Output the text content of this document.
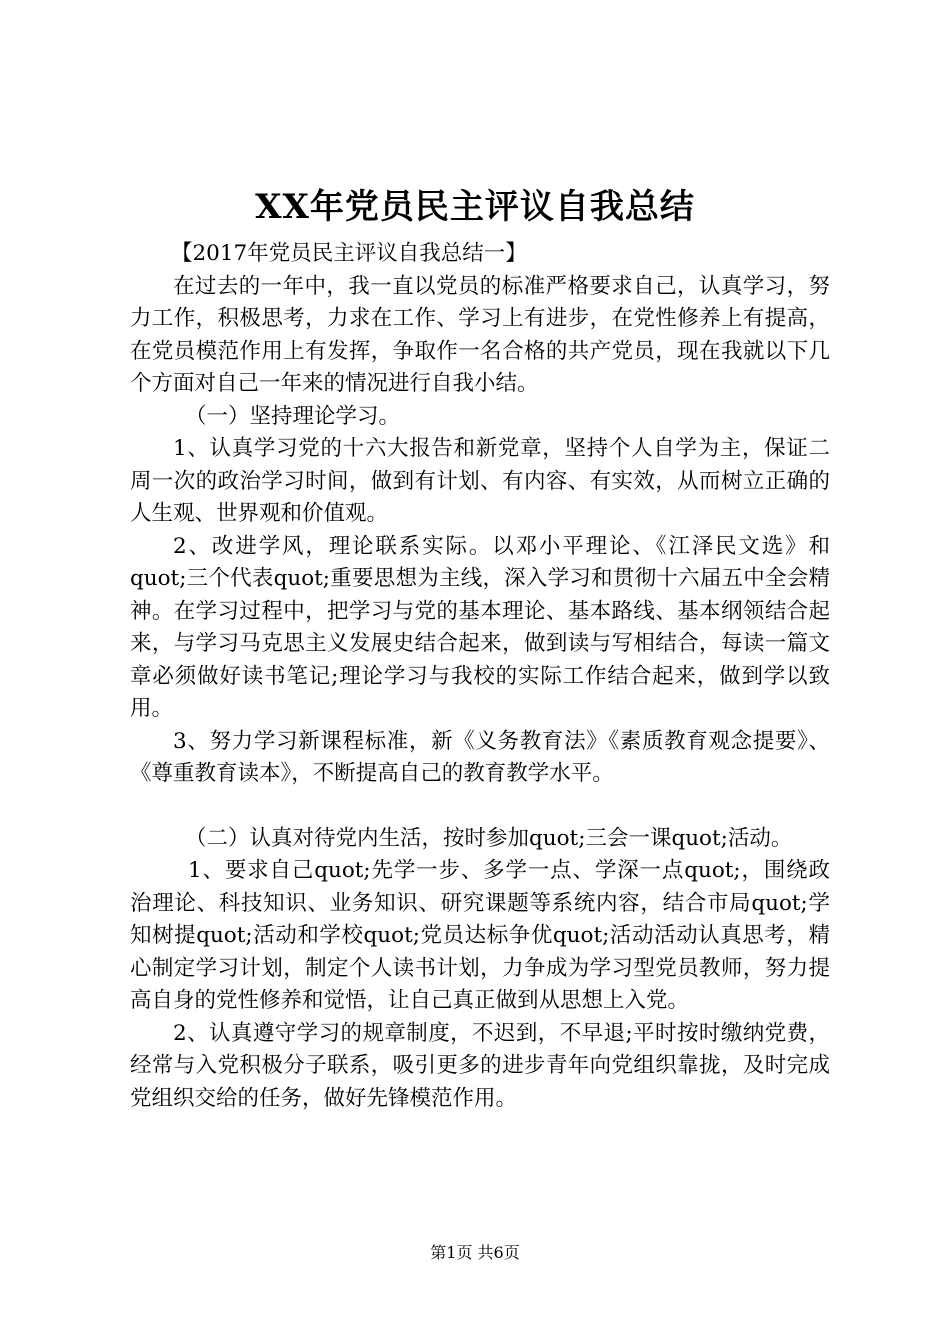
XX年党员民主评议自我总结

【2017年党员民主评议自我总结一】

在过去的一年中，我一直以党员的标准严格要求自己，认真学习，努力工作，积极思考，力求在工作、学习上有进步，在党性修养上有提高，在党员模范作用上有发挥，争取作一名合格的共产党员，现在我就以下几个方面对自己一年来的情况进行自我小结。

（一）坚持理论学习。

1、认真学习党的十六大报告和新党章，坚持个人自学为主，保证二周一次的政治学习时间，做到有计划、有内容、有实效，从而树立正确的人生观、世界观和价值观。

2、改进学风，理论联系实际。以邓小平理论、《江泽民文选》和quot;三个代表quot;重要思想为主线，深入学习和贯彻十六届五中全会精神。在学习过程中，把学习与党的基本理论、基本路线、基本纲领结合起来，与学习马克思主义发展史结合起来，做到读与写相结合，每读一篇文章必须做好读书笔记;理论学习与我校的实际工作结合起来，做到学以致用。

3、努力学习新课程标准，新《义务教育法》《素质教育观念提要》、《尊重教育读本》，不断提高自己的教育教学水平。

（二）认真对待党内生活，按时参加quot;三会一课quot;活动。

1、要求自己quot;先学一步、多学一点、学深一点quot;，围绕政治理论、科技知识、业务知识、研究课题等系统内容，结合市局quot;学知树提quot;活动和学校quot;党员达标争优quot;活动活动认真思考，精心制定学习计划，制定个人读书计划，力争成为学习型党员教师，努力提高自身的党性修养和觉悟，让自己真正做到从思想上入党。

2、认真遵守学习的规章制度，不迟到，不早退;平时按时缴纳党费，经常与入党积极分子联系，吸引更多的进步青年向党组织靠拢，及时完成党组织交给的任务，做好先锋模范作用。

第1页 共6页
